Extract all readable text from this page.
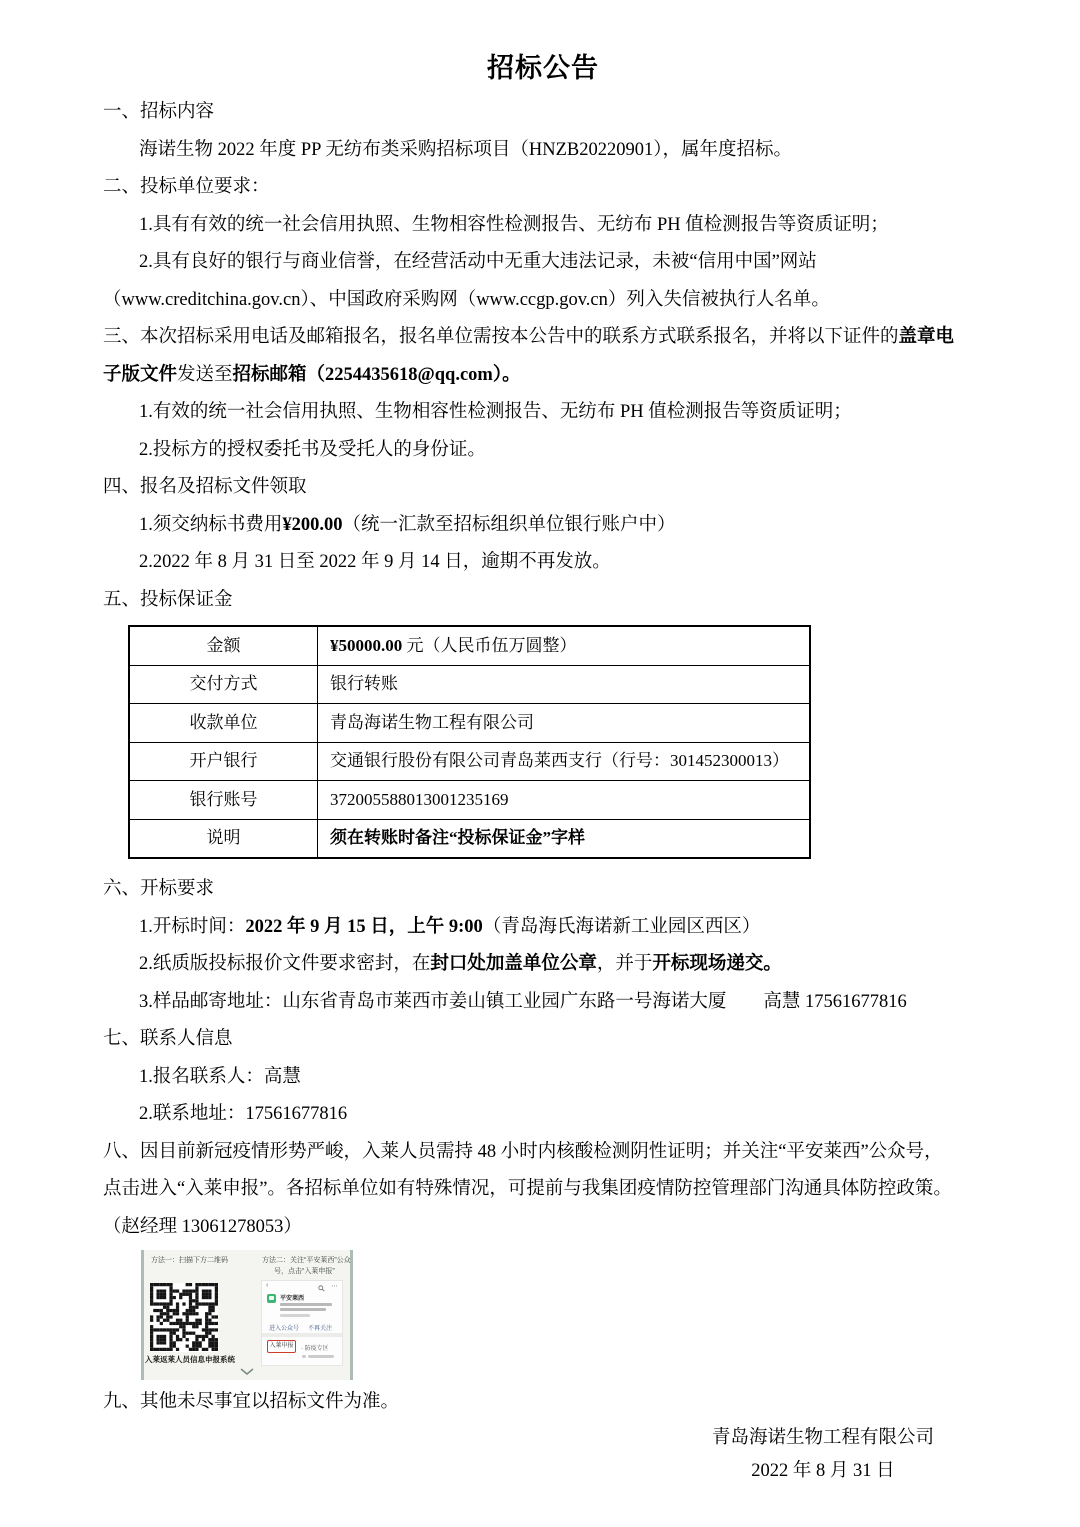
招标公告
一、招标内容
海诺生物 2022 年度 PP 无纺布类采购招标项目（HNZB20220901），属年度招标。
二、投标单位要求：
1.具有有效的统一社会信用执照、生物相容性检测报告、无纺布 PH 值检测报告等资质证明；
2.具有良好的银行与商业信誉，在经营活动中无重大违法记录，未被“信用中国”网站
（www.creditchina.gov.cn）、中国政府采购网（www.ccgp.gov.cn）列入失信被执行人名单。
三、本次招标采用电话及邮箱报名，报名单位需按本公告中的联系方式联系报名，并将以下证件的盖章电
子版文件发送至招标邮箱（2254435618@qq.com）。
1.有效的统一社会信用执照、生物相容性检测报告、无纺布 PH 值检测报告等资质证明；
2.投标方的授权委托书及受托人的身份证。
四、报名及招标文件领取
1.须交纳标书费用¥200.00（统一汇款至招标组织单位银行账户中）
2.2022 年 8 月 31 日至 2022 年 9 月 14 日，逾期不再发放。
五、投标保证金
金额	¥50000.00 元（人民币伍万圆整）
交付方式	银行转账
收款单位	青岛海诺生物工程有限公司
开户银行	交通银行股份有限公司青岛莱西支行（行号：301452300013）
银行账号	372005588013001235169
说明	须在转账时备注“投标保证金”字样
六、开标要求
1.开标时间：2022 年 9 月 15 日，上午 9:00（青岛海氏海诺新工业园区西区）
2.纸质版投标报价文件要求密封，在封口处加盖单位公章，并于开标现场递交。
3.样品邮寄地址：山东省青岛市莱西市姜山镇工业园广东路一号海诺大厦　　高慧 17561677816
七、联系人信息
1.报名联系人：高慧
2.联系地址：17561677816
八、因目前新冠疫情形势严峻，入莱人员需持 48 小时内核酸检测阴性证明；并关注“平安莱西”公众号，
点击进入“入莱申报”。各招标单位如有特殊情况，可提前与我集团疫情防控管理部门沟通具体防控政策。
（赵经理 13061278053）
方法一：扫描下方二维码	方法二：关注“平安莱西”公众
号，点击“入莱申报”
入莱返莱人员信息申报系统
‹	⋯
平安莱西
进入公众号 不再关注
入莱申报	· 防疫专区
九、其他未尽事宜以招标文件为准。
青岛海诺生物工程有限公司
2022 年 8 月 31 日
